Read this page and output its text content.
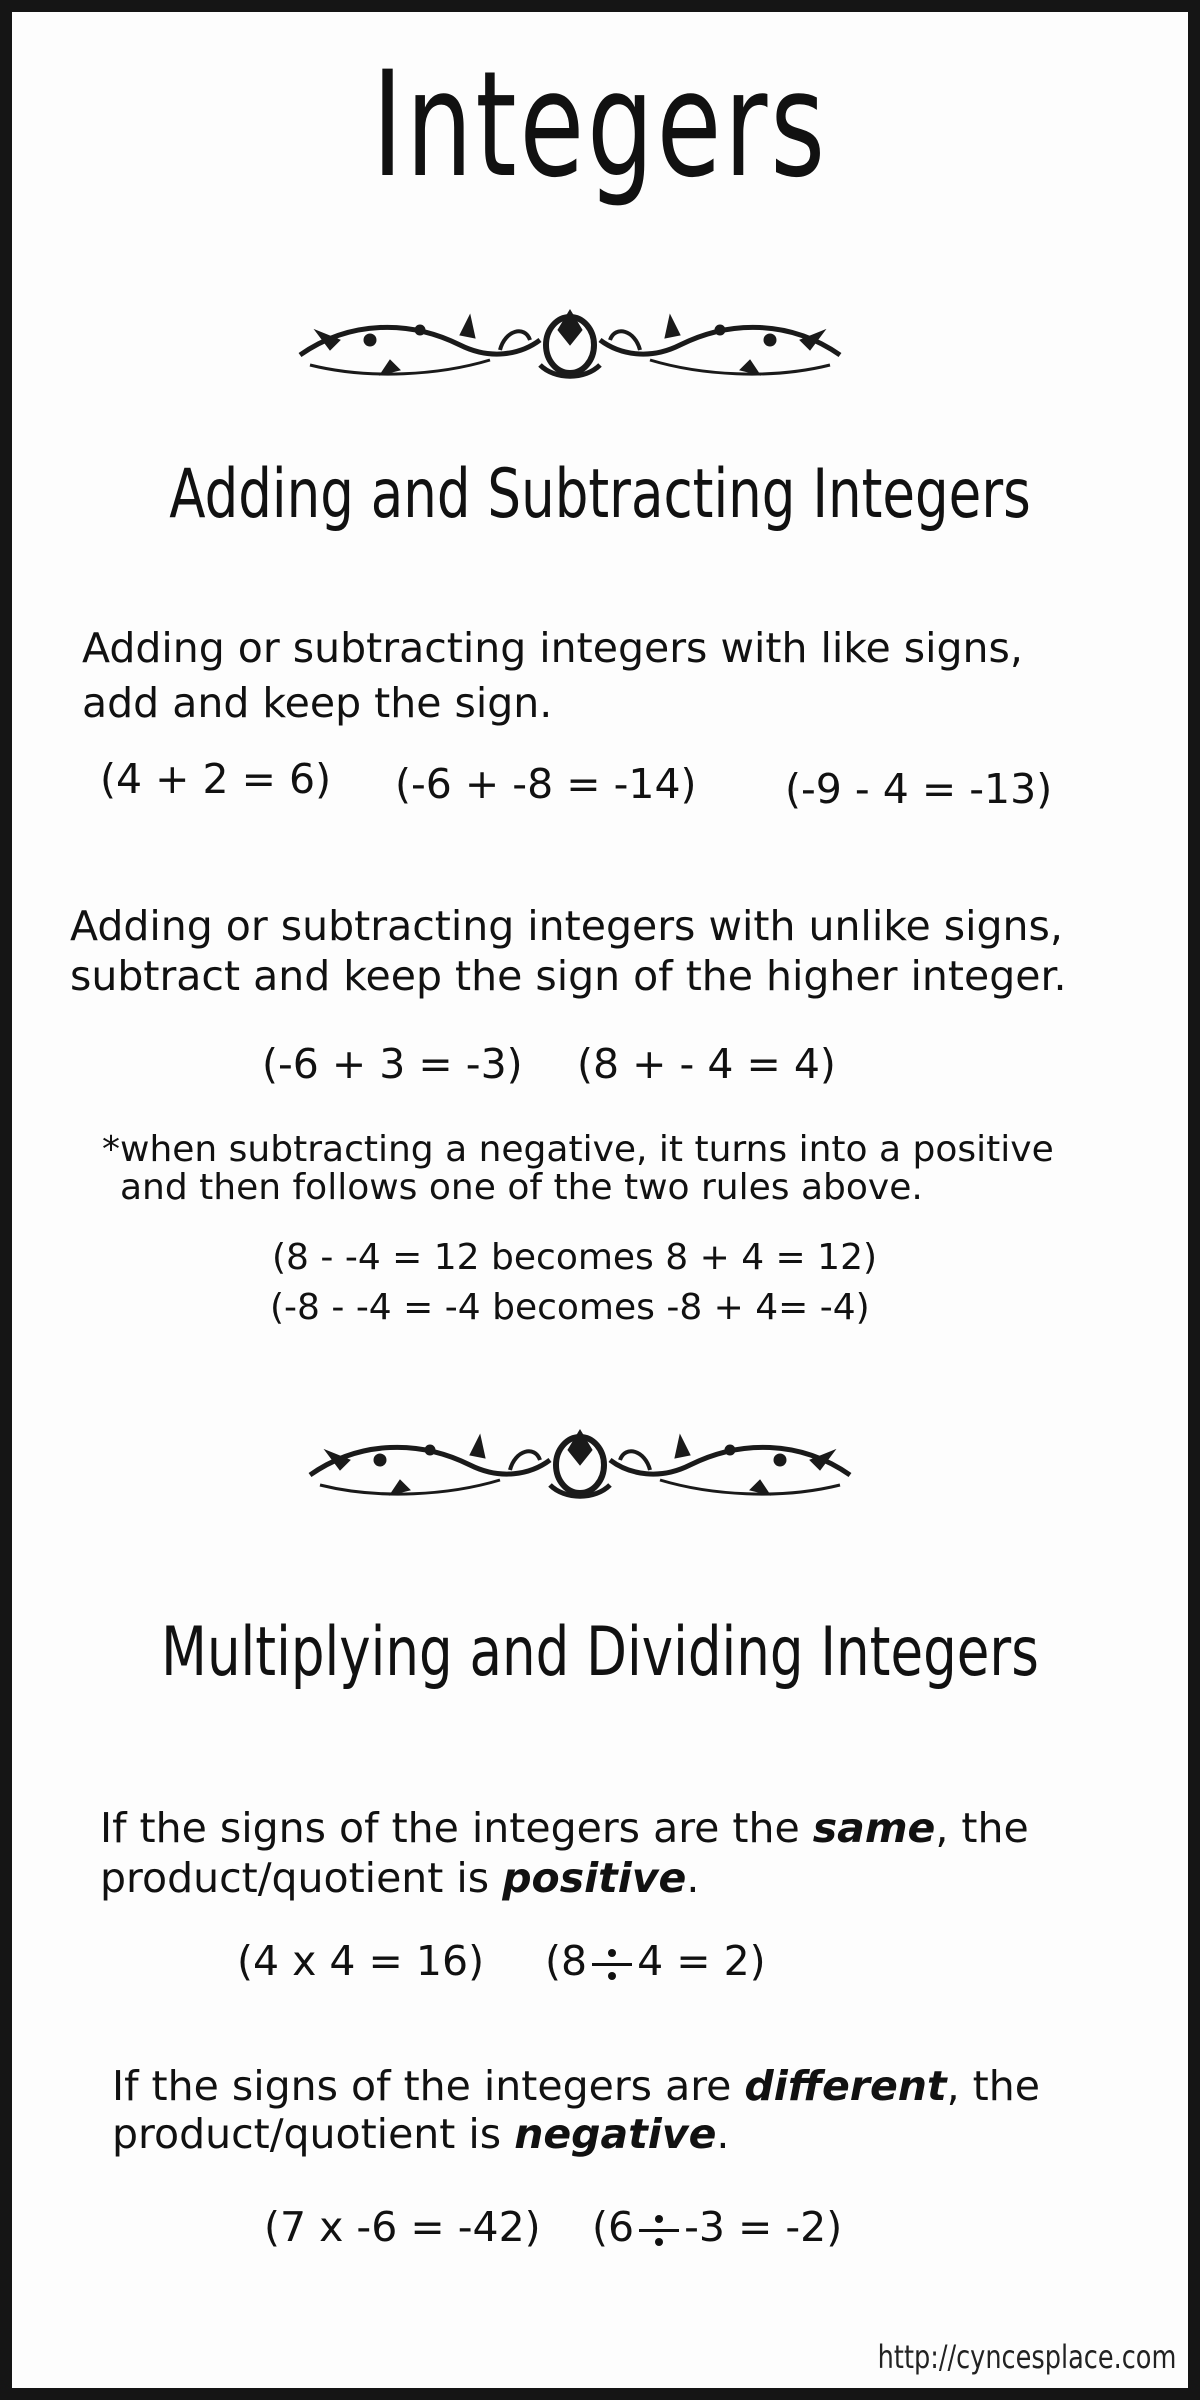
Integers
Adding and Subtracting Integers
Adding or subtracting integers with like signs,
add and keep the sign.
(4 + 2 = 6) (-6 + -8 = -14) (-9 - 4 = -13)
Adding or subtracting integers with unlike signs,
subtract and keep the sign of the higher integer.
(-6 + 3 = -3) (8 + - 4 = 4)
*when subtracting a negative, it turns into a positive
and then follows one of the two rules above.
(8 - -4 = 12 becomes 8 + 4 = 12)
(-8 - -4 = -4 becomes -8 + 4= -4)
Multiplying and Dividing Integers
If the signs of the integers are the same, the
product/quotient is positive.
(4 x 4 = 16) (8 4 = 2)
If the signs of the integers are different, the
product/quotient is negative.
(7 x -6 = -42) (6 -3 = -2)
http://cyncesplace.com
